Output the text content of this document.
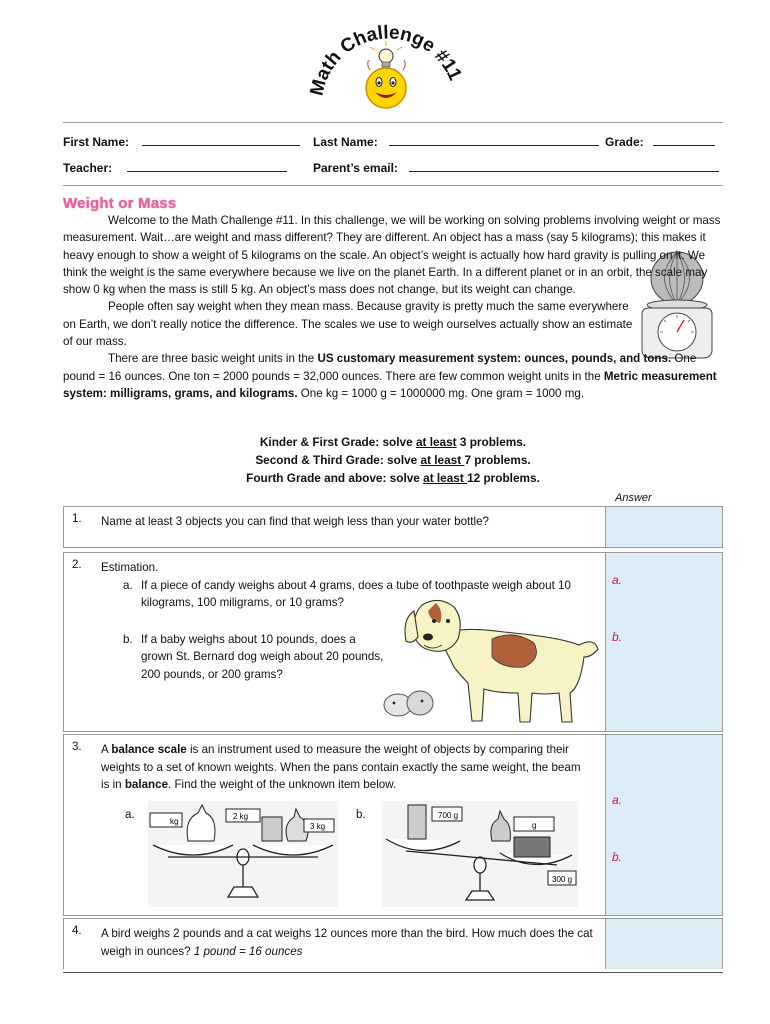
Math Challenge #11
First Name:	Last Name:	Grade:
Teacher:	Parent’s email:
Weight or Mass

Welcome to the Math Challenge #11. In this challenge, we will be working on solving problems involving weight or mass measurement. Wait…are weight and mass different? They are different. An object has a mass (say 5 kilograms); this makes it heavy enough to show a weight of 5 kilograms on the scale. An object’s weight is actually how hard gravity is pulling on it. We think the weight is the same everywhere because we live on the planet Earth. In a different planet or in an orbit, the scale may show 0 kg when the mass is still 5 kg. An object’s mass does not change, but its weight can change.

People often say weight when they mean mass. Because gravity is pretty much the same everywhere on Earth, we don’t really notice the difference. The scales we use to weigh ourselves actually show an estimate of our mass.

There are three basic weight units in the US customary measurement system: ounces, pounds, and tons. One pound = 16 ounces. One ton = 2000 pounds = 32,000 ounces. There are few common weight units in the Metric measurement system: milligrams, grams, and kilograms. One kg = 1000 g = 1000000 mg. One gram = 1000 mg.

Kinder & First Grade: solve at least 3 problems.
Second & Third Grade: solve at least 7 problems.
Fourth Grade and above: solve at least 12 problems.
Answer
1. Name at least 3 objects you can find that weigh less than your water bottle?
2. Estimation.
a. If a piece of candy weighs about 4 grams, does a tube of toothpaste weigh about 10 kilograms, 100 miligrams, or 10 grams?
b. If a baby weighs about 10 pounds, does a grown St. Bernard dog weigh about 20 pounds, 200 pounds, or 200 grams?
a.
b.
3. A balance scale is an instrument used to measure the weight of objects by comparing their weights to a set of known weights. When the pans contain exactly the same weight, the beam is in balance. Find the weight of the unknown item below.
a.	b.
kg
2 kg
3 kg
700 g
g
300 g
a.
b.
4. A bird weighs 2 pounds and a cat weighs 12 ounces more than the bird. How much does the cat weigh in ounces? 1 pound = 16 ounces
